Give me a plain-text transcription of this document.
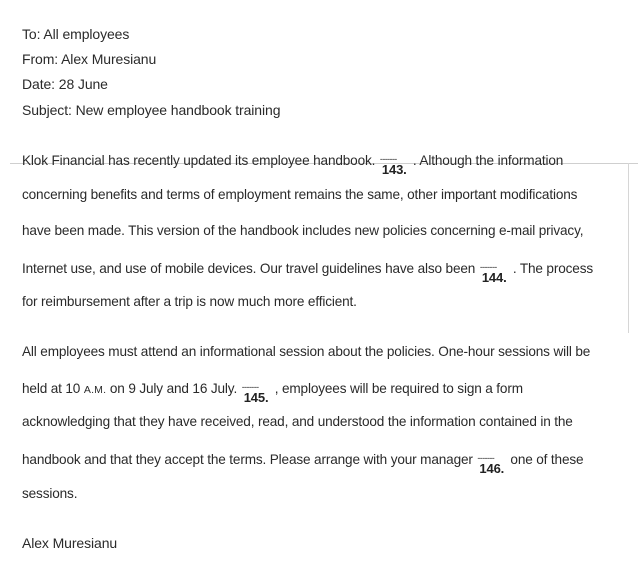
To: All employees
From: Alex Muresianu
Date: 28 June
Subject: New employee handbook training
Klok Financial has recently updated its employee handbook. -------
143.
. Although the information
concerning benefits and terms of employment remains the same, other important modifications
have been made. This version of the handbook includes new policies concerning e-mail privacy,
Internet use, and use of mobile devices. Our travel guidelines have also been -------
144.
. The process
for reimbursement after a trip is now much more efficient.
All employees must attend an informational session about the policies. One-hour sessions will be
held at 10 A.M. on 9 July and 16 July. -------
145.
, employees will be required to sign a form
acknowledging that they have received, read, and understood the information contained in the
handbook and that they accept the terms. Please arrange with your manager -------
146.
one of these
sessions.
Alex Muresianu
